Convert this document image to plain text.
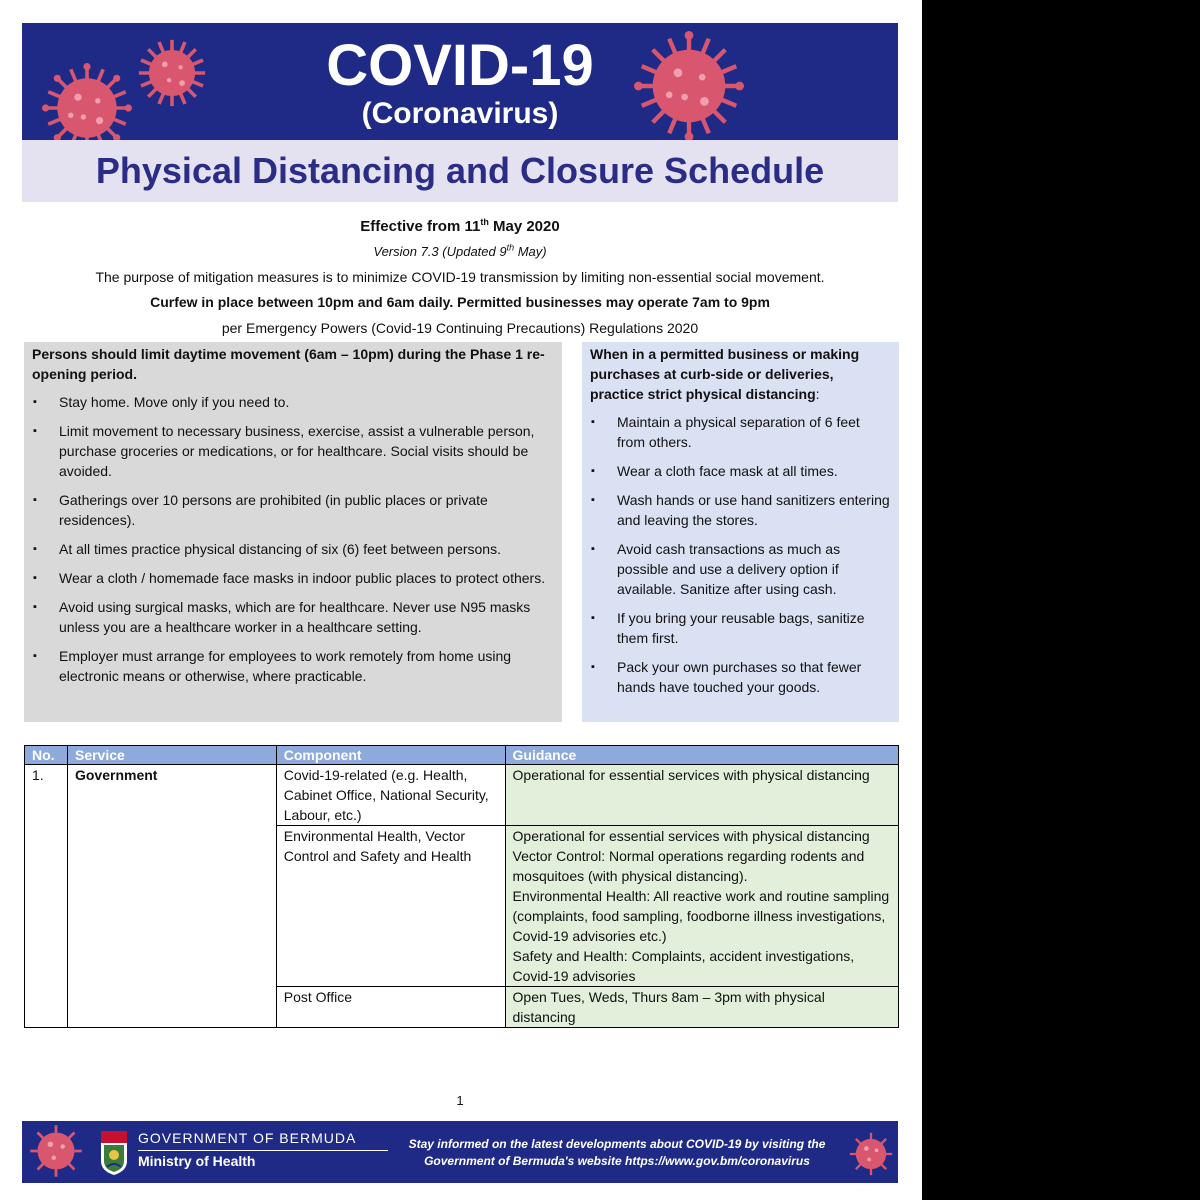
COVID-19
(Coronavirus)
Physical Distancing and Closure Schedule
Effective from 11th May 2020
Version 7.3 (Updated 9th May)
The purpose of mitigation measures is to minimize COVID-19 transmission by limiting non-essential social movement.
Curfew in place between 10pm and 6am daily. Permitted businesses may operate 7am to 9pm
per Emergency Powers (Covid-19 Continuing Precautions) Regulations 2020
Persons should limit daytime movement (6am – 10pm) during the Phase 1 re-opening period.
▪ Stay home. Move only if you need to.
▪ Limit movement to necessary business, exercise, assist a vulnerable person, purchase groceries or medications, or for healthcare. Social visits should be avoided.
▪ Gatherings over 10 persons are prohibited (in public places or private residences).
▪ At all times practice physical distancing of six (6) feet between persons.
▪ Wear a cloth / homemade face masks in indoor public places to protect others.
▪ Avoid using surgical masks, which are for healthcare. Never use N95 masks unless you are a healthcare worker in a healthcare setting.
▪ Employer must arrange for employees to work remotely from home using electronic means or otherwise, where practicable.
When in a permitted business or making purchases at curb-side or deliveries, practice strict physical distancing:
▪ Maintain a physical separation of 6 feet from others.
▪ Wear a cloth face mask at all times.
▪ Wash hands or use hand sanitizers entering and leaving the stores.
▪ Avoid cash transactions as much as possible and use a delivery option if available. Sanitize after using cash.
▪ If you bring your reusable bags, sanitize them first.
▪ Pack your own purchases so that fewer hands have touched your goods.
No.	Service	Component	Guidance
1.	Government	Covid-19-related (e.g. Health, Cabinet Office, National Security, Labour, etc.)	Operational for essential services with physical distancing

		Environmental Health, Vector Control and Safety and Health	Operational for essential services with physical distancing
Vector Control: Normal operations regarding rodents and mosquitoes (with physical distancing).
Environmental Health: All reactive work and routine sampling (complaints, food sampling, foodborne illness investigations, Covid-19 advisories etc.)
Safety and Health: Complaints, accident investigations, Covid-19 advisories

		Post Office	Open Tues, Weds, Thurs 8am – 3pm with physical distancing
1
GOVERNMENT OF BERMUDA
Ministry of Health
Stay informed on the latest developments about COVID-19 by visiting the
Government of Bermuda's website https://www.gov.bm/coronavirus
